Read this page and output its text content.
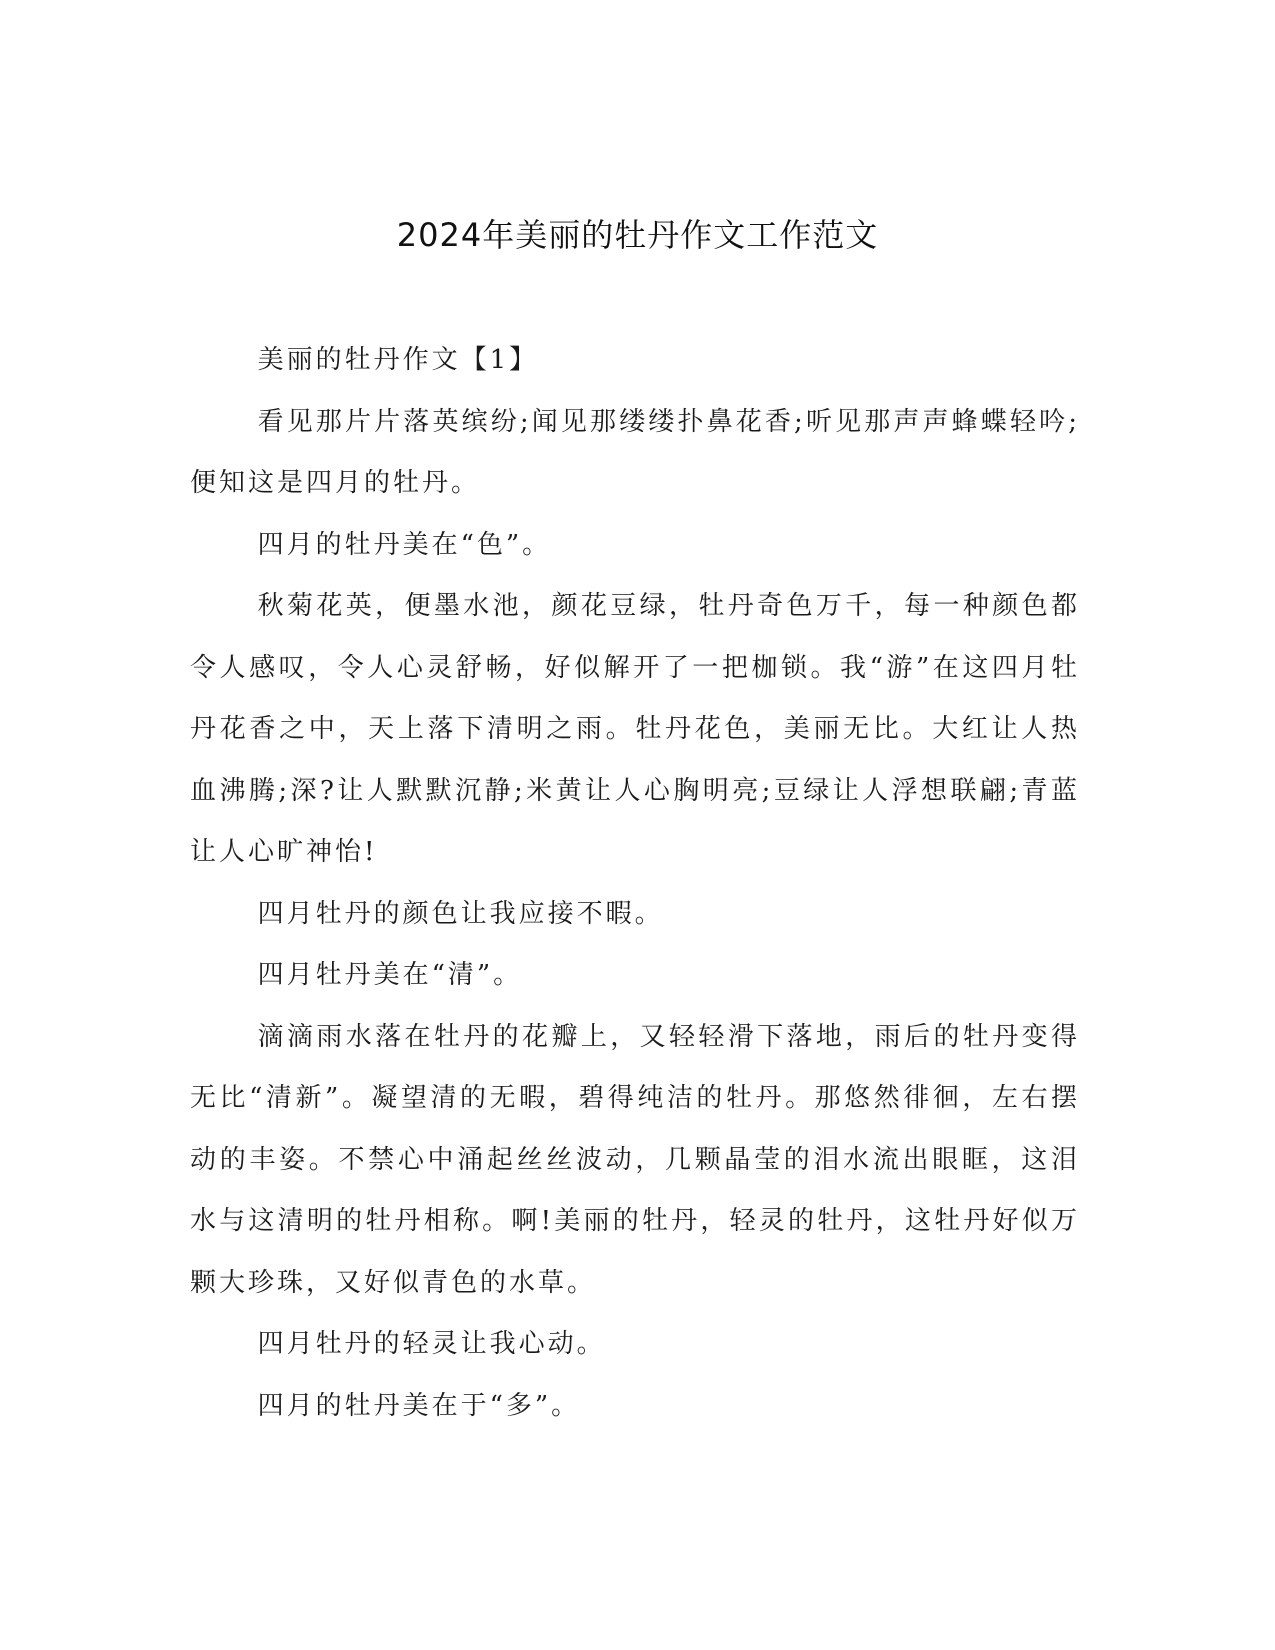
2024年美丽的牡丹作文工作范文

美丽的牡丹作文【1】

看见那片片落英缤纷;闻见那缕缕扑鼻花香;听见那声声蜂蝶轻吟;便知这是四月的牡丹。

四月的牡丹美在“色”。

秋菊花英，便墨水池，颜花豆绿，牡丹奇色万千，每一种颜色都令人感叹，令人心灵舒畅，好似解开了一把枷锁。我“游”在这四月牡丹花香之中，天上落下清明之雨。牡丹花色，美丽无比。大红让人热血沸腾;深?让人默默沉静;米黄让人心胸明亮;豆绿让人浮想联翩;青蓝让人心旷神怡!

四月牡丹的颜色让我应接不暇。

四月牡丹美在“清”。

滴滴雨水落在牡丹的花瓣上，又轻轻滑下落地，雨后的牡丹变得无比“清新”。凝望清的无暇，碧得纯洁的牡丹。那悠然徘徊，左右摆动的丰姿。不禁心中涌起丝丝波动，几颗晶莹的泪水流出眼眶，这泪水与这清明的牡丹相称。啊!美丽的牡丹，轻灵的牡丹，这牡丹好似万颗大珍珠，又好似青色的水草。

四月牡丹的轻灵让我心动。

四月的牡丹美在于“多”。
